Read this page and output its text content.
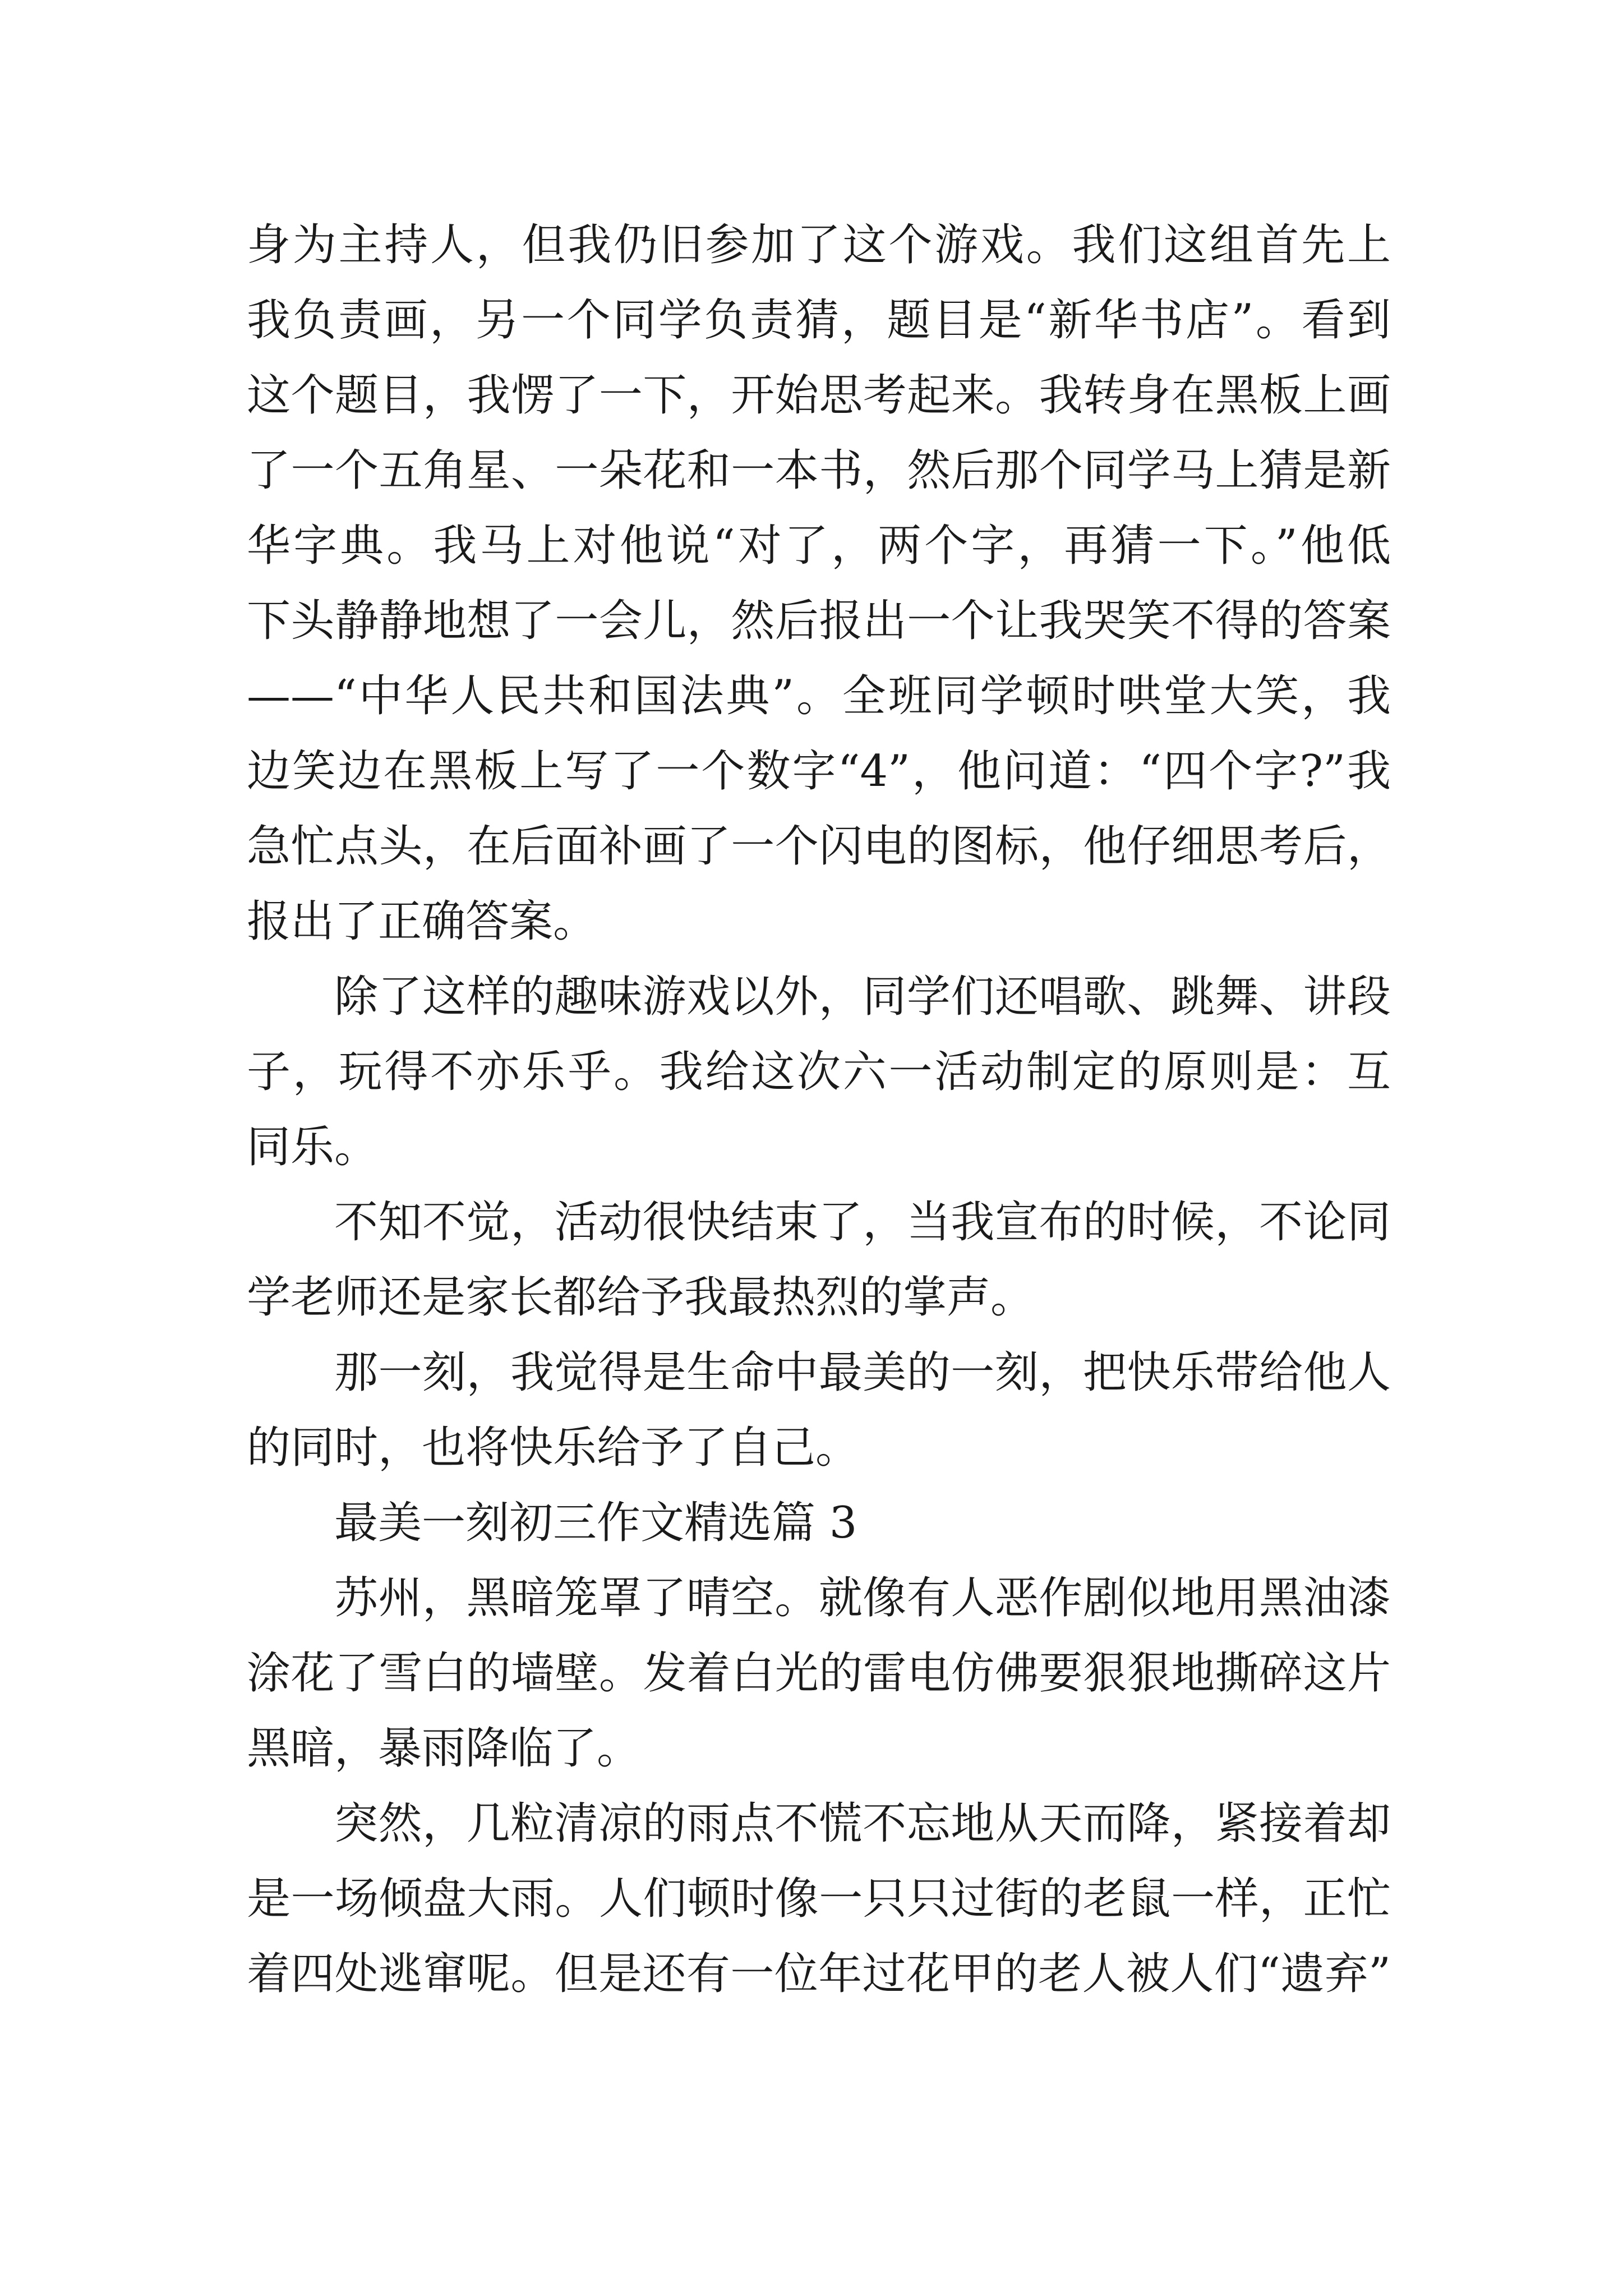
身为主持人，但我仍旧参加了这个游戏。我们这组首先上
我负责画，另一个同学负责猜，题目是“新华书店”。看到
这个题目，我愣了一下，开始思考起来。我转身在黑板上画
了一个五角星、一朵花和一本书，然后那个同学马上猜是新
华字典。我马上对他说“对了，两个字，再猜一下。”他低
下头静静地想了一会儿，然后报出一个让我哭笑不得的答案
——“中华人民共和国法典”。全班同学顿时哄堂大笑，我
边笑边在黑板上写了一个数字“4”，他问道：“四个字?”我
急忙点头，在后面补画了一个闪电的图标，他仔细思考后，
报出了正确答案。
除了这样的趣味游戏以外，同学们还唱歌、跳舞、讲段
子，玩得不亦乐乎。我给这次六一活动制定的原则是：互
同乐。
不知不觉，活动很快结束了，当我宣布的时候，不论同
学老师还是家长都给予我最热烈的掌声。
那一刻，我觉得是生命中最美的一刻，把快乐带给他人
的同时，也将快乐给予了自己。
最美一刻初三作文精选篇 3
苏州，黑暗笼罩了晴空。就像有人恶作剧似地用黑油漆
涂花了雪白的墙壁。发着白光的雷电仿佛要狠狠地撕碎这片
黑暗，暴雨降临了。
突然，几粒清凉的雨点不慌不忘地从天而降，紧接着却
是一场倾盘大雨。人们顿时像一只只过街的老鼠一样，正忙
着四处逃窜呢。但是还有一位年过花甲的老人被人们“遗弃”
